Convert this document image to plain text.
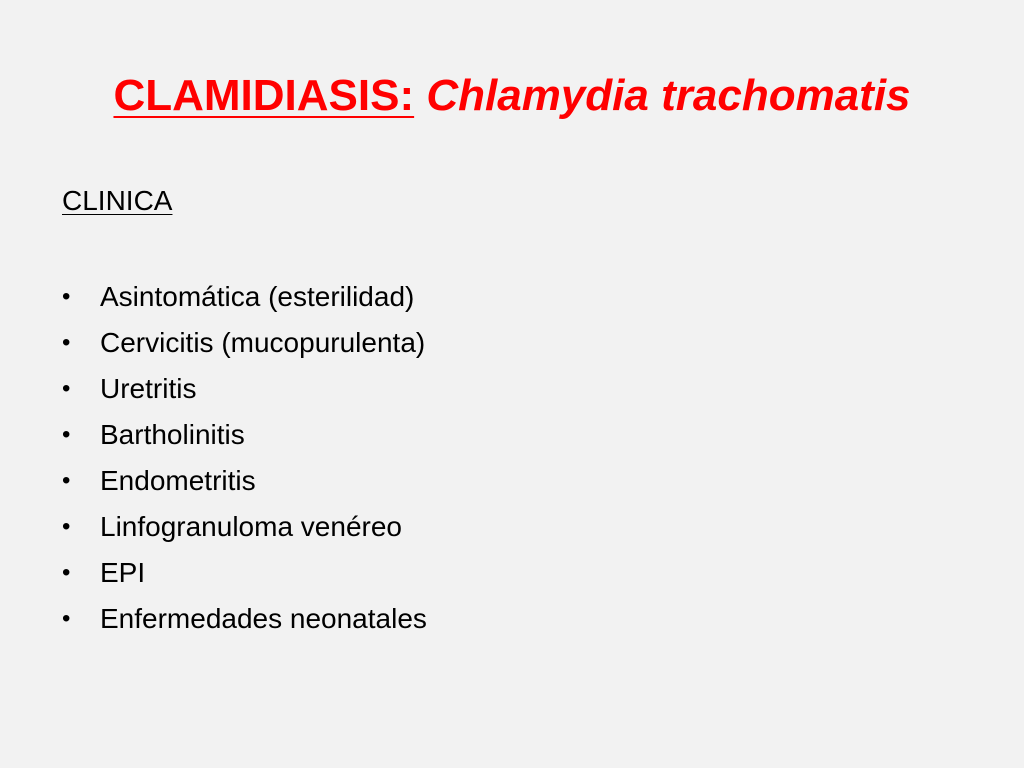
CLAMIDIASIS: Chlamydia trachomatis

CLINICA

•	Asintomática (esterilidad)
•	Cervicitis (mucopurulenta)
•	Uretritis
•	Bartholinitis
•	Endometritis
•	Linfogranuloma venéreo
•	EPI
•	Enfermedades neonatales
